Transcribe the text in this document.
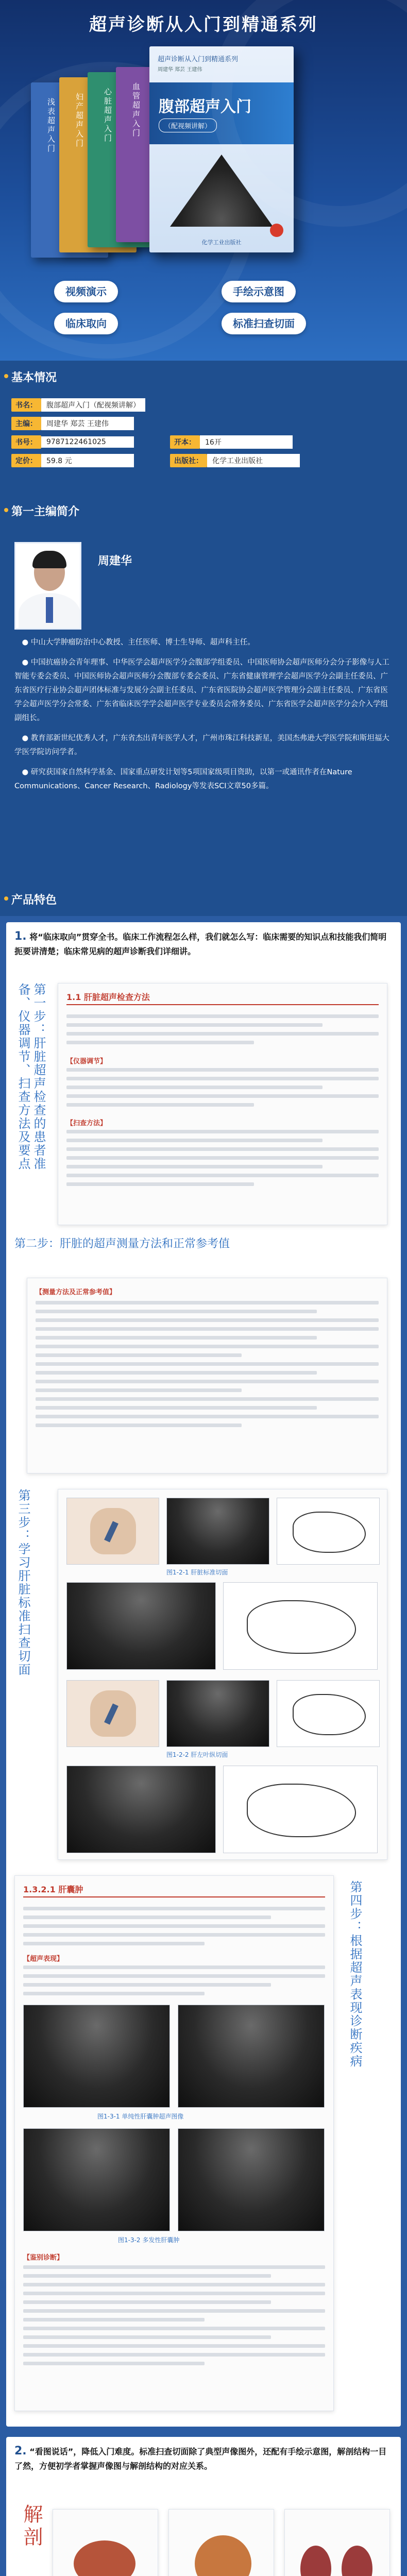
超声诊断从入门到精通系列
浅表超声入门	妇产超声入门	心脏超声入门	血管超声入门
超声诊断从入门到精通系列
周建华 郑芸 王建伟
腹部超声入门
（配视频讲解）
化学工业出版社
视频演示	手绘示意图
临床取向	标准扫查切面
基本情况
书名：	腹部超声入门（配视频讲解）
主编：	周建华 郑芸 王建伟
书号：	9787122461025
定价：	59.8 元
开本：	16开
出版社：	化学工业出版社
第一主编简介
周建华

● 中山大学肿瘤防治中心教授、主任医师、博士生导师、超声科主任。

● 中国抗癌协会青年理事、中华医学会超声医学分会腹部学组委员、中国医师协会超声医师分会分子影像与人工智能专委会委员、中国医师协会超声医师分会腹部专委会委员、广东省健康管理学会超声医学分会副主任委员、广东省医疗行业协会超声团体标准与发展分会副主任委员、广东省医院协会超声医学管理分会副主任委员、广东省医学会超声医学分会常委、广东省临床医学学会超声医学专业委员会常务委员、广东省医学会超声医学分会介入学组副组长。

● 教育部新世纪优秀人才，广东省杰出青年医学人才，广州市珠江科技新星，美国杰弗逊大学医学院和斯坦福大学医学院访问学者。

● 研究获国家自然科学基金、国家重点研发计划等5项国家级项目资助，以第一或通讯作者在Nature Communications、Cancer Research、Radiology等发表SCI文章50多篇。

产品特色
1. 将“临床取向”贯穿全书。临床工作流程怎么样，我们就怎么写：临床需要的知识点和技能我们简明扼要讲清楚；临床常见病的超声诊断我们详细讲。
第一步：肝脏超声检查的患者准备、仪器调节、扫查方法及要点	1.1 肝脏超声检查方法
【仪器调节】
【扫查方法】
第二步：肝脏的超声测量方法和正常参考值
【测量方法及正常参考值】
第三步：学习肝脏标准扫查切面	图1-2-1 肝脏标准切面
图1-2-2 肝左叶纵切面
1.3.2.1 肝囊肿
【超声表现】
图1-3-1 单纯性肝囊肿超声图像
图1-3-2 多发性肝囊肿
【鉴别诊断】
第四步：根据超声表现诊断疾病
2. “看图说话”，降低入门难度。标准扫查切面除了典型声像图外，还配有手绘示意图，解剖结构一目了然，方便初学者掌握声像图与解剖结构的对应关系。
解剖
